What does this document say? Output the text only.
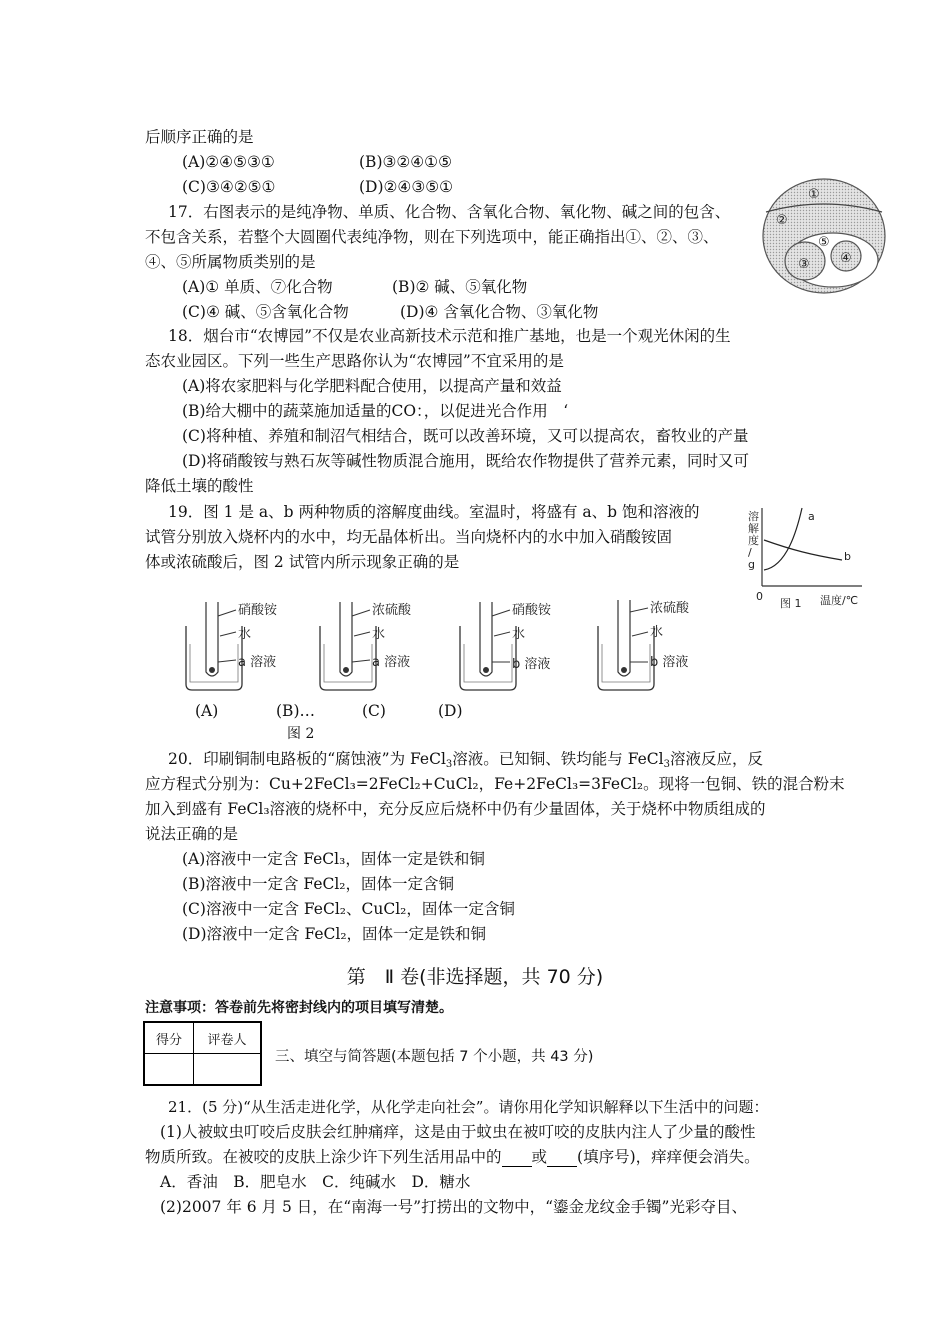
后顺序正确的是
(A)②④⑤③①	(B)③②④①⑤
(C)③④②⑤①	(D)②④③⑤①
17．右图表示的是纯净物、单质、化合物、含氧化合物、氧化物、碱之间的包含、
不包含关系，若整个大圆圈代表纯净物，则在下列选项中，能正确指出①、②、③、
④、⑤所属物质类别的是
(A)① 单质、⑦化合物	(B)② 碱、⑤氧化物
(C)④ 碱、⑤含氧化合物	(D)④ 含氧化合物、③氧化物
①
②
③ ④
⑤
18．烟台市“农博园”不仅是农业高新技术示范和推广基地，也是一个观光休闲的生
态农业园区。下列一些生产思路你认为“农博园”不宜采用的是
(A)将农家肥料与化学肥料配合使用，以提高产量和效益
(B)给大棚中的蔬菜施加适量的CO：，以促进光合作用　‘
(C)将种植、养殖和制沼气相结合，既可以改善环境，又可以提高农，畜牧业的产量
(D)将硝酸铵与熟石灰等碱性物质混合施用，既给农作物提供了营养元素，同时又可
降低土壤的酸性
19．图 1 是 a、b 两种物质的溶解度曲线。室温时，将盛有 a、b 饱和溶液的
试管分别放入烧杯内的水中，均无晶体析出。当向烧杯内的水中加入硝酸铵固
体或浓硫酸后，图 2 试管内所示现象正确的是
溶解度/ g
a
b
0
图 1 温度/℃
硝酸铵
水
a 溶液
浓硫酸
水
a 溶液
硝酸铵
水
b 溶液
浓硫酸
水
b 溶液
(A)	(B)…	(C)	(D)
图 2
20．印刷铜制电路板的“腐蚀液”为 FeCl$_3$溶液。已知铜、铁均能与 FeCl$_3$溶液反应，反
应方程式分别为：Cu+2FeCl₃=2FeCl₂+CuCl₂，Fe+2FeCl₃=3FeCl₂。现将一包铜、铁的混合粉末
加入到盛有 FeCl₃溶液的烧杯中，充分反应后烧杯中仍有少量固体，关于烧杯中物质组成的
说法正确的是
(A)溶液中一定含 FeCl₃，固体一定是铁和铜
(B)溶液中一定含 FeCl₂，固体一定含铜
(C)溶液中一定含 FeCl₂、CuCl₂，固体一定含铜
(D)溶液中一定含 FeCl₂，固体一定是铁和铜
第　Ⅱ 卷(非选择题，共 70 分)
注意事项：答卷前先将密封线内的项目填写清楚。
得分	评卷人

三、填空与简答题(本题包括 7 个小题，共 43 分)
21．(5 分)“从生活走进化学，从化学走向社会”。请你用化学知识解释以下生活中的问题：
(1)人被蚊虫叮咬后皮肤会红肿痛痒，这是由于蚊虫在被叮咬的皮肤内注人了少量的酸性
物质所致。在被咬的皮肤上涂少许下列生活用品中的 或 (填序号)，痒痒便会消失。
A．香油　B．肥皂水　C．纯碱水　D．糖水
(2)2007 年 6 月 5 日，在“南海一号”打捞出的文物中，“鎏金龙纹金手镯”光彩夺目、
